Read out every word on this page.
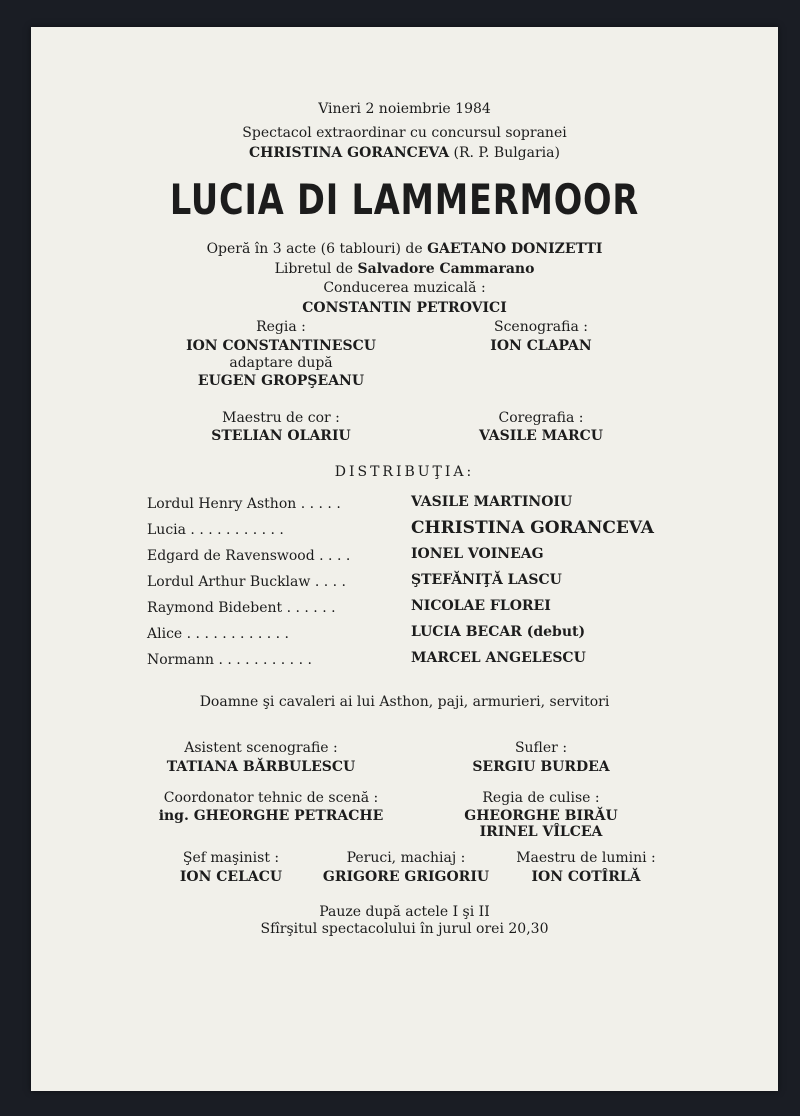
Vineri 2 noiembrie 1984
Spectacol extraordinar cu concursul sopranei
CHRISTINA GORANCEVA (R. P. Bulgaria)
LUCIA DI LAMMERMOOR
Operă în 3 acte (6 tablouri) de GAETANO DONIZETTI
Libretul de Salvadore Cammarano
Conducerea muzicală :
CONSTANTIN PETROVICI
Regia :
ION CONSTANTINESCU
adaptare după
EUGEN GROPŞEANU
Scenografia :
ION CLAPAN
Maestru de cor :
STELIAN OLARIU
Coregrafia :
VASILE MARCU
DISTRIBUŢIA:
Lordul Henry Asthon . . . . .	VASILE MARTINOIU
Lucia . . . . . . . . . . .	CHRISTINA GORANCEVA
Edgard de Ravenswood . . . .	IONEL VOINEAG
Lordul Arthur Bucklaw . . . .	ŞTEFĂNIŢĂ LASCU
Raymond Bidebent . . . . . .	NICOLAE FLOREI
Alice . . . . . . . . . . . .	LUCIA BECAR (debut)
Normann . . . . . . . . . . .	MARCEL ANGELESCU
Doamne şi cavaleri ai lui Asthon, paji, armurieri, servitori
Asistent scenografie :
TATIANA BĂRBULESCU
Sufler :
SERGIU BURDEA
Coordonator tehnic de scenă :
ing. GHEORGHE PETRACHE
Regia de culise :
GHEORGHE BIRĂU
IRINEL VÎLCEA
Şef maşinist :
ION CELACU
Peruci, machiaj :
GRIGORE GRIGORIU
Maestru de lumini :
ION COTÎRLĂ
Pauze după actele I şi II
Sfîrşitul spectacolului în jurul orei 20,30
